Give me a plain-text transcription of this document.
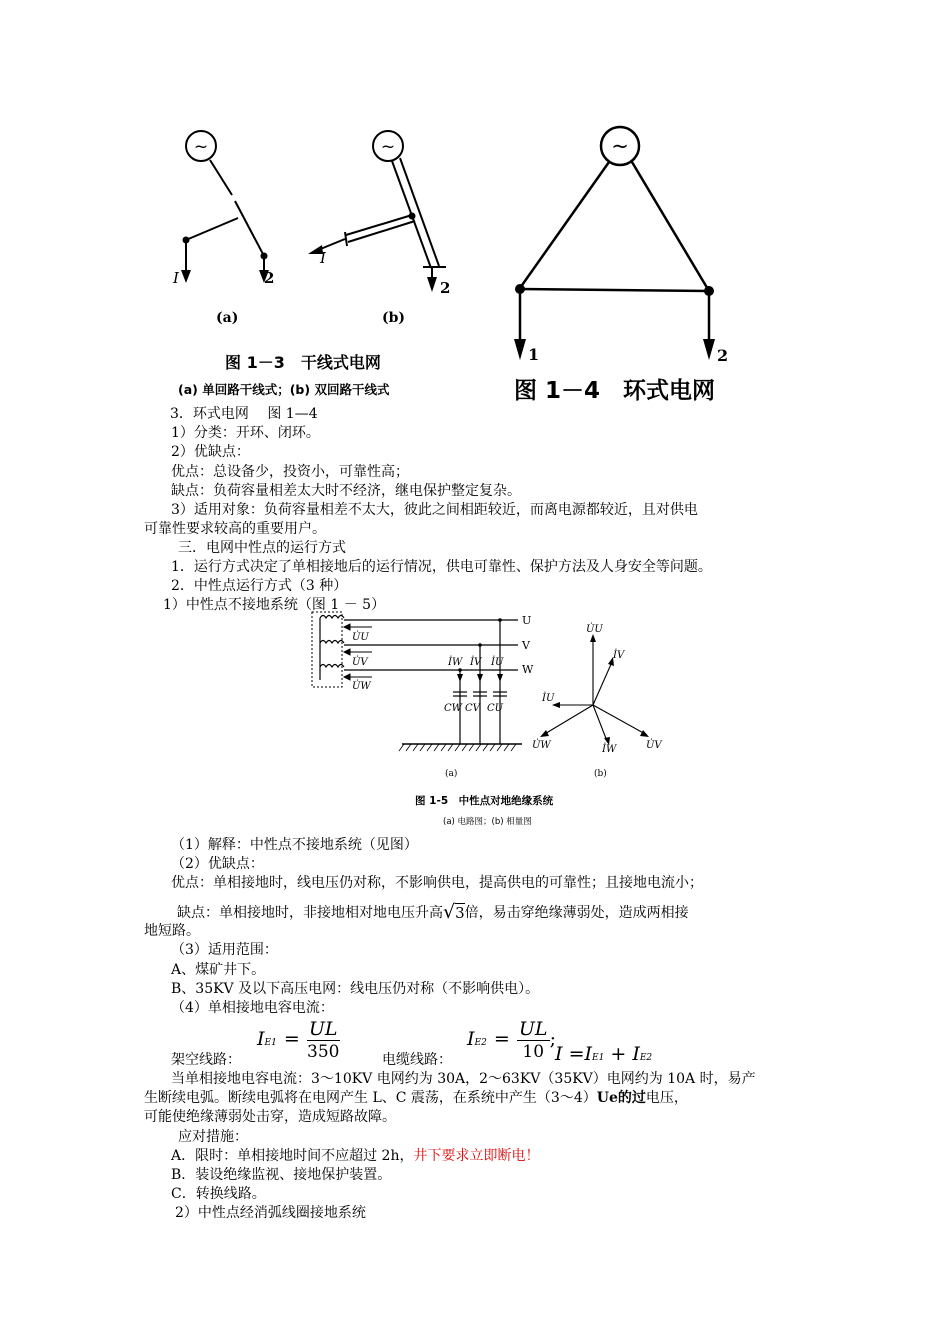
~
I	2
(a)
~
I
2
(b)
图 1－3　干线式电网
(a) 单回路干线式；(b) 双回路干线式
~
1	2
图 1－4　环式电网
U
V
W
U̇U
U̇V
U̇W
İW İV İU
CW CV CU
(a)
U̇U
İV
İU
U̇W	İW	U̇V
(b)
图 1-5　中性点对地绝缘系统
(a) 电路图；(b) 相量图
3．环式电网　 图 1—4
1）分类：开环、闭环。
2）优缺点：
优点：总设备少，投资小，可靠性高；
缺点：负荷容量相差太大时不经济，继电保护整定复杂。
3）适用对象：负荷容量相差不太大，彼此之间相距较近，而离电源都较近，且对供电
可靠性要求较高的重要用户。
三．电网中性点的运行方式
1．运行方式决定了单相接地后的运行情况，供电可靠性、保护方法及人身安全等问题。
2．中性点运行方式（3 种）
1）中性点不接地系统（图 1 － 5）
（1）解释：中性点不接地系统（见图）
（2）优缺点：
优点：单相接地时，线电压仍对称，不影响供电，提高供电的可靠性；且接地电流小；
缺点：单相接地时，非接地相对地电压升高√3倍，易击穿绝缘薄弱处，造成两相接
地短路。
（3）适用范围：
A、煤矿井下。
B、35KV 及以下高压电网：线电压仍对称（不影响供电）。
（4）单相接地电容电流：
架空线路：	电缆线路：
当单相接地电容电流：3～10KV 电网约为 30A，2～63KV（35KV）电网约为 10A 时，易产
生断续电弧。断续电弧将在电网产生 L、C 震荡，在系统中产生（3～4）Ue的过电压，
可能使绝缘薄弱处击穿，造成短路故障。
应对措施：
A．限时：单相接地时间不应超过 2h，井下要求立即断电！
B．装设绝缘监视、接地保护装置。
C．转换线路。
2）中性点经消弧线圈接地系统
$IE1 = \frac{UL}{350}$	$IE2 = \frac{UL}{10}$ ;
I =IE1 + IE2
